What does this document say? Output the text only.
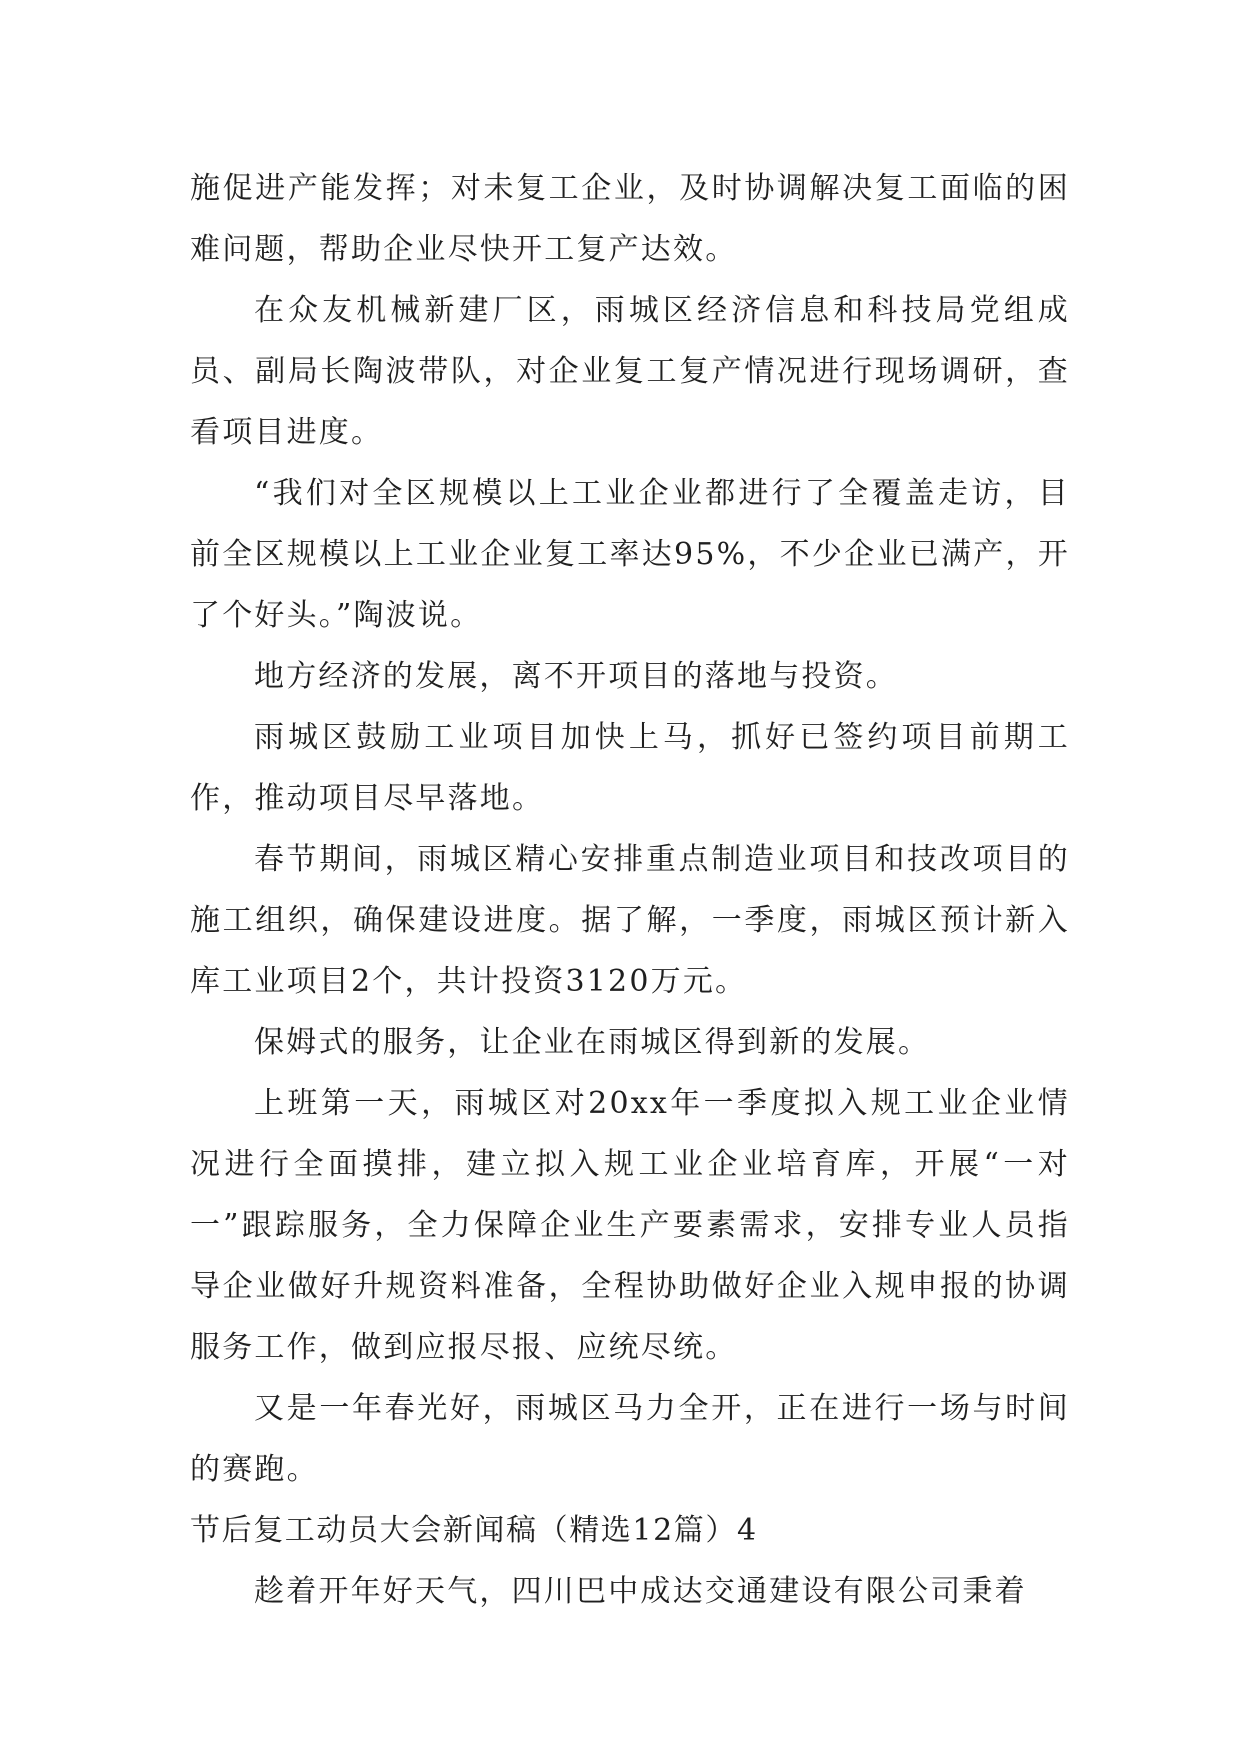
施促进产能发挥；对未复工企业，及时协调解决复工面临的困难问题，帮助企业尽快开工复产达效。

在众友机械新建厂区，雨城区经济信息和科技局党组成员、副局长陶波带队，对企业复工复产情况进行现场调研，查看项目进度。

“我们对全区规模以上工业企业都进行了全覆盖走访，目前全区规模以上工业企业复工率达95%，不少企业已满产，开了个好头。”陶波说。

地方经济的发展，离不开项目的落地与投资。

雨城区鼓励工业项目加快上马，抓好已签约项目前期工作，推动项目尽早落地。

春节期间，雨城区精心安排重点制造业项目和技改项目的施工组织，确保建设进度。据了解，一季度，雨城区预计新入库工业项目2个，共计投资3120万元。

保姆式的服务，让企业在雨城区得到新的发展。

上班第一天，雨城区对20xx年一季度拟入规工业企业情况进行全面摸排，建立拟入规工业企业培育库，开展“一对一”跟踪服务，全力保障企业生产要素需求，安排专业人员指导企业做好升规资料准备，全程协助做好企业入规申报的协调服务工作，做到应报尽报、应统尽统。

又是一年春光好，雨城区马力全开，正在进行一场与时间的赛跑。

节后复工动员大会新闻稿（精选12篇）4

趁着开年好天气，四川巴中成达交通建设有限公司秉着
